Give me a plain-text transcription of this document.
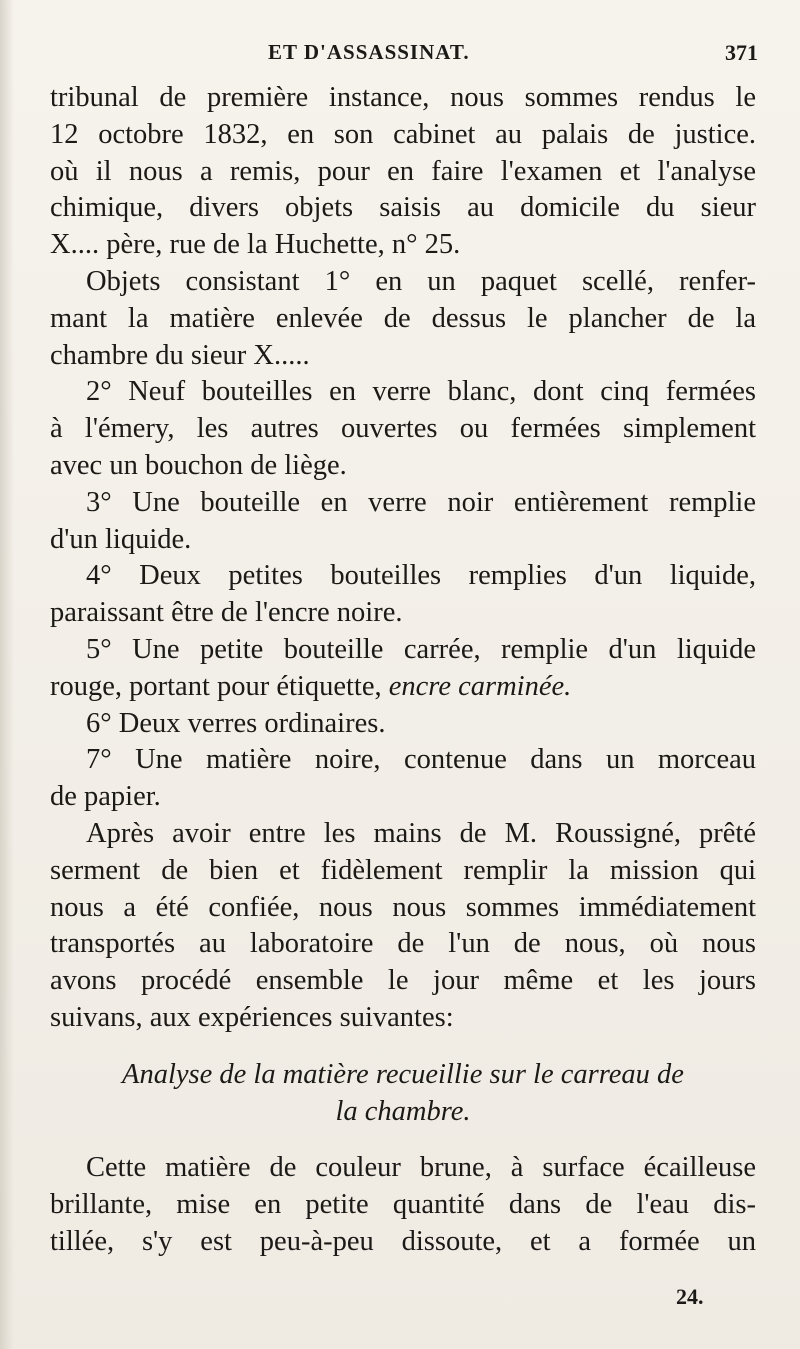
ET D'ASSASSINAT.	371
tribunal de première instance, nous sommes rendus le
12 octobre 1832, en son cabinet au palais de justice.
où il nous a remis, pour en faire l'examen et l'analyse
chimique, divers objets saisis au domicile du sieur
X.... père, rue de la Huchette, n° 25.
Objets consistant 1° en un paquet scellé, renfer-
mant la matière enlevée de dessus le plancher de la
chambre du sieur X.....
2° Neuf bouteilles en verre blanc, dont cinq fermées
à l'émery, les autres ouvertes ou fermées simplement
avec un bouchon de liège.
3° Une bouteille en verre noir entièrement remplie
d'un liquide.
4° Deux petites bouteilles remplies d'un liquide,
paraissant être de l'encre noire.
5° Une petite bouteille carrée, remplie d'un liquide
rouge, portant pour étiquette, encre carminée.
6° Deux verres ordinaires.
7° Une matière noire, contenue dans un morceau
de papier.
Après avoir entre les mains de M. Roussigné, prêté
serment de bien et fidèlement remplir la mission qui
nous a été confiée, nous nous sommes immédiatement
transportés au laboratoire de l'un de nous, où nous
avons procédé ensemble le jour même et les jours
suivans, aux expériences suivantes:
Analyse de la matière recueillie sur le carreau de
la chambre.
Cette matière de couleur brune, à surface écailleuse
brillante, mise en petite quantité dans de l'eau dis-
tillée, s'y est peu-à-peu dissoute, et a formée un
24.
